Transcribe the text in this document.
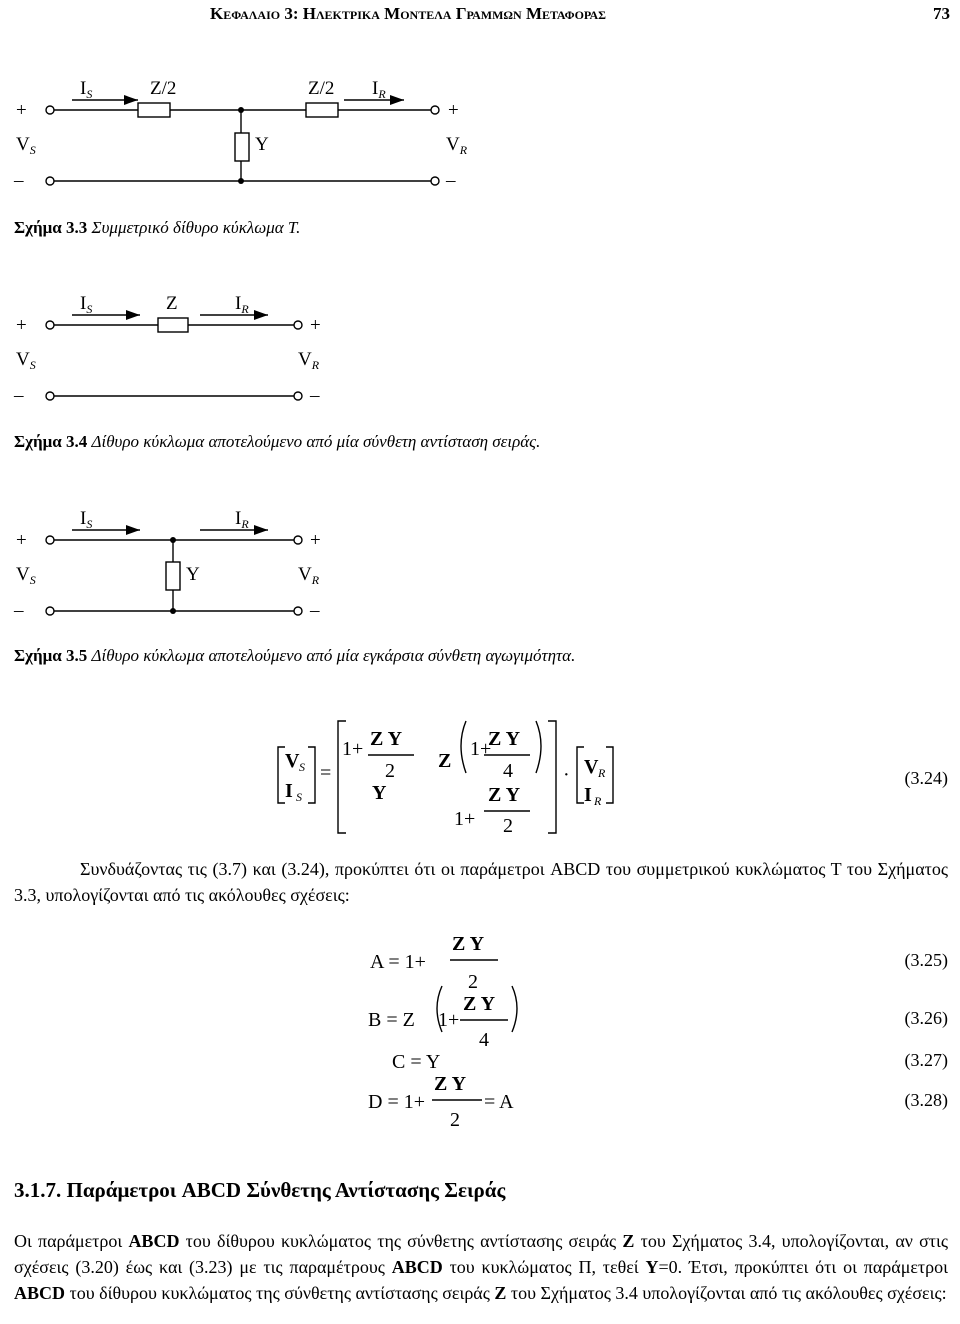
Κεφαλαιο 3: Ηλεκτρικα Μοντελα Γραμμων Μεταφορας	73
$I_S$	Z/2	Z/2 $I_R$
+	+
$V_S$	Y	$V_R$
–	–
Σχήμα 3.3 Συμμετρικό δίθυρο κύκλωμα Τ.
$I_S$	Z	$I_R$
+	+
$V_S$	$V_R$
–	–
Σχήμα 3.4 Δίθυρο κύκλωμα αποτελούμενο από μία σύνθετη αντίσταση σειράς.
$I_S$	$I_R$
+	+
$V_S$	Y	$V_R$
–	–
Σχήμα 3.5 Δίθυρο κύκλωμα αποτελούμενο από μία εγκάρσια σύνθετη αγωγιμότητα.
V
I
Z Y
Z
Z Y
Y	Z Y
V
I
S
S
R
R
=
1+
2
1+
4
1+ 2
·	(3.24)
Συνδυάζοντας τις (3.7) και (3.24), προκύπτει ότι οι παράμετροι ABCD του συμμετρικού κυκλώματος Τ του Σχήματος 3.3, υπολογίζονται από τις ακόλουθες σχέσεις:
Z Y
Z Y
Z Y
A = 1+
2
B = Z 1+
4
C = Y
D = 1+
2
= A
(3.25)
(3.26)
(3.27)
(3.28)
3.1.7. Παράμετροι ABCD Σύνθετης Αντίστασης Σειράς
Οι παράμετροι ABCD του δίθυρου κυκλώματος της σύνθετης αντίστασης σειράς Z του Σχήματος 3.4, υπολογίζονται, αν στις σχέσεις (3.20) έως και (3.23) με τις παραμέτρους ABCD του κυκλώματος Π, τεθεί Y=0. Έτσι, προκύπτει ότι οι παράμετροι ABCD του δίθυρου κυκλώματος της σύνθετης αντίστασης σειράς Z του Σχήματος 3.4 υπολογίζονται από τις ακόλουθες σχέσεις:
